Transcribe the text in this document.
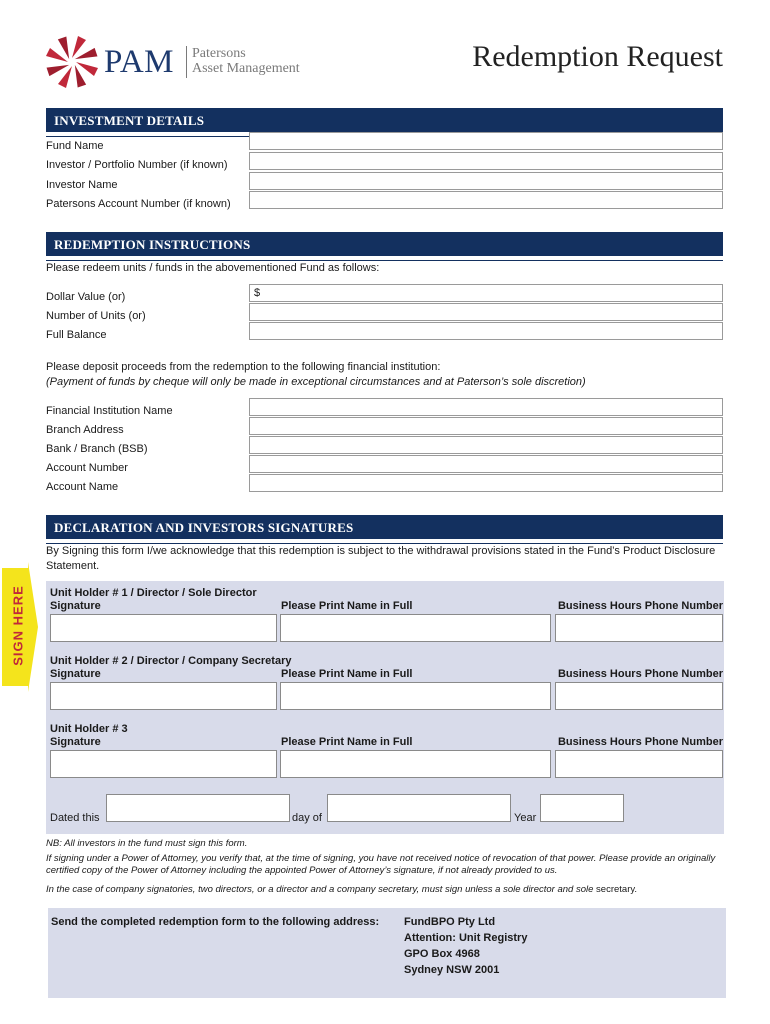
PAM Patersons
Asset Management	Redemption Request
INVESTMENT DETAILS
Fund Name
Investor / Portfolio Number (if known)
Investor Name
Patersons Account Number (if known)
REDEMPTION INSTRUCTIONS
Please redeem units / funds in the abovementioned Fund as follows:
Dollar Value (or)	$
Number of Units (or)
Full Balance
Please deposit proceeds from the redemption to the following financial institution:
(Payment of funds by cheque will only be made in exceptional circumstances and at Paterson’s sole discretion)
Financial Institution Name
Branch Address
Bank / Branch (BSB)
Account Number
Account Name
DECLARATION AND INVESTORS SIGNATURES
By Signing this form I/we acknowledge that this redemption is subject to the withdrawal provisions stated in the Fund’s Product Disclosure Statement.
SIGN HERE Unit Holder # 1 / Director / Sole Director
Signature	Please Print Name in Full	Business Hours Phone Number
Unit Holder # 2 / Director / Company Secretary
Signature	Please Print Name in Full	Business Hours Phone Number
Unit Holder # 3
Signature	Please Print Name in Full	Business Hours Phone Number
Dated this	day of	Year
NB: All investors in the fund must sign this form.
If signing under a Power of Attorney, you verify that, at the time of signing, you have not received notice of revocation of that power. Please provide an originally certified copy of the Power of Attorney including the appointed Power of Attorney’s signature, if not already provided to us.
In the case of company signatories, two directors, or a director and a company secretary, must sign unless a sole director and sole secretary.
Send the completed redemption form to the following address: FundBPO Pty Ltd
Attention: Unit Registry
GPO Box 4968
Sydney NSW 2001
